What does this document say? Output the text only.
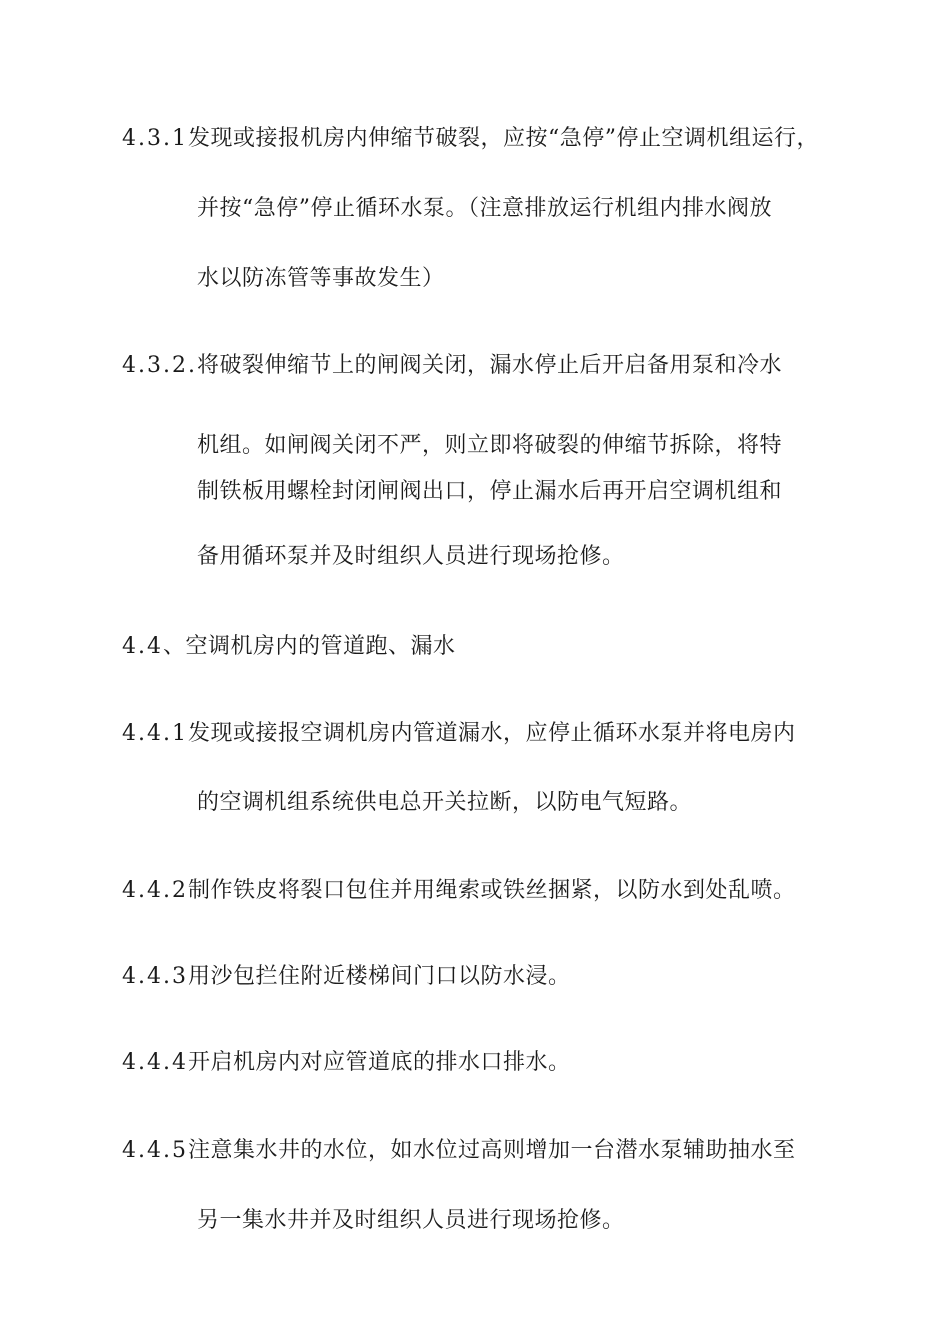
4.3.1发现或接报机房内伸缩节破裂，应按“急停”停止空调机组运行，
并按“急停”停止循环水泵。（注意排放运行机组内排水阀放
水以防冻管等事故发生）
4.3.2.将破裂伸缩节上的闸阀关闭，漏水停止后开启备用泵和冷水
机组。如闸阀关闭不严，则立即将破裂的伸缩节拆除，将特
制铁板用螺栓封闭闸阀出口，停止漏水后再开启空调机组和
备用循环泵并及时组织人员进行现场抢修。
4.4、空调机房内的管道跑、漏水
4.4.1发现或接报空调机房内管道漏水，应停止循环水泵并将电房内
的空调机组系统供电总开关拉断，以防电气短路。
4.4.2制作铁皮将裂口包住并用绳索或铁丝捆紧，以防水到处乱喷。
4.4.3用沙包拦住附近楼梯间门口以防水浸。
4.4.4开启机房内对应管道底的排水口排水。
4.4.5注意集水井的水位，如水位过高则增加一台潜水泵辅助抽水至
另一集水井并及时组织人员进行现场抢修。
